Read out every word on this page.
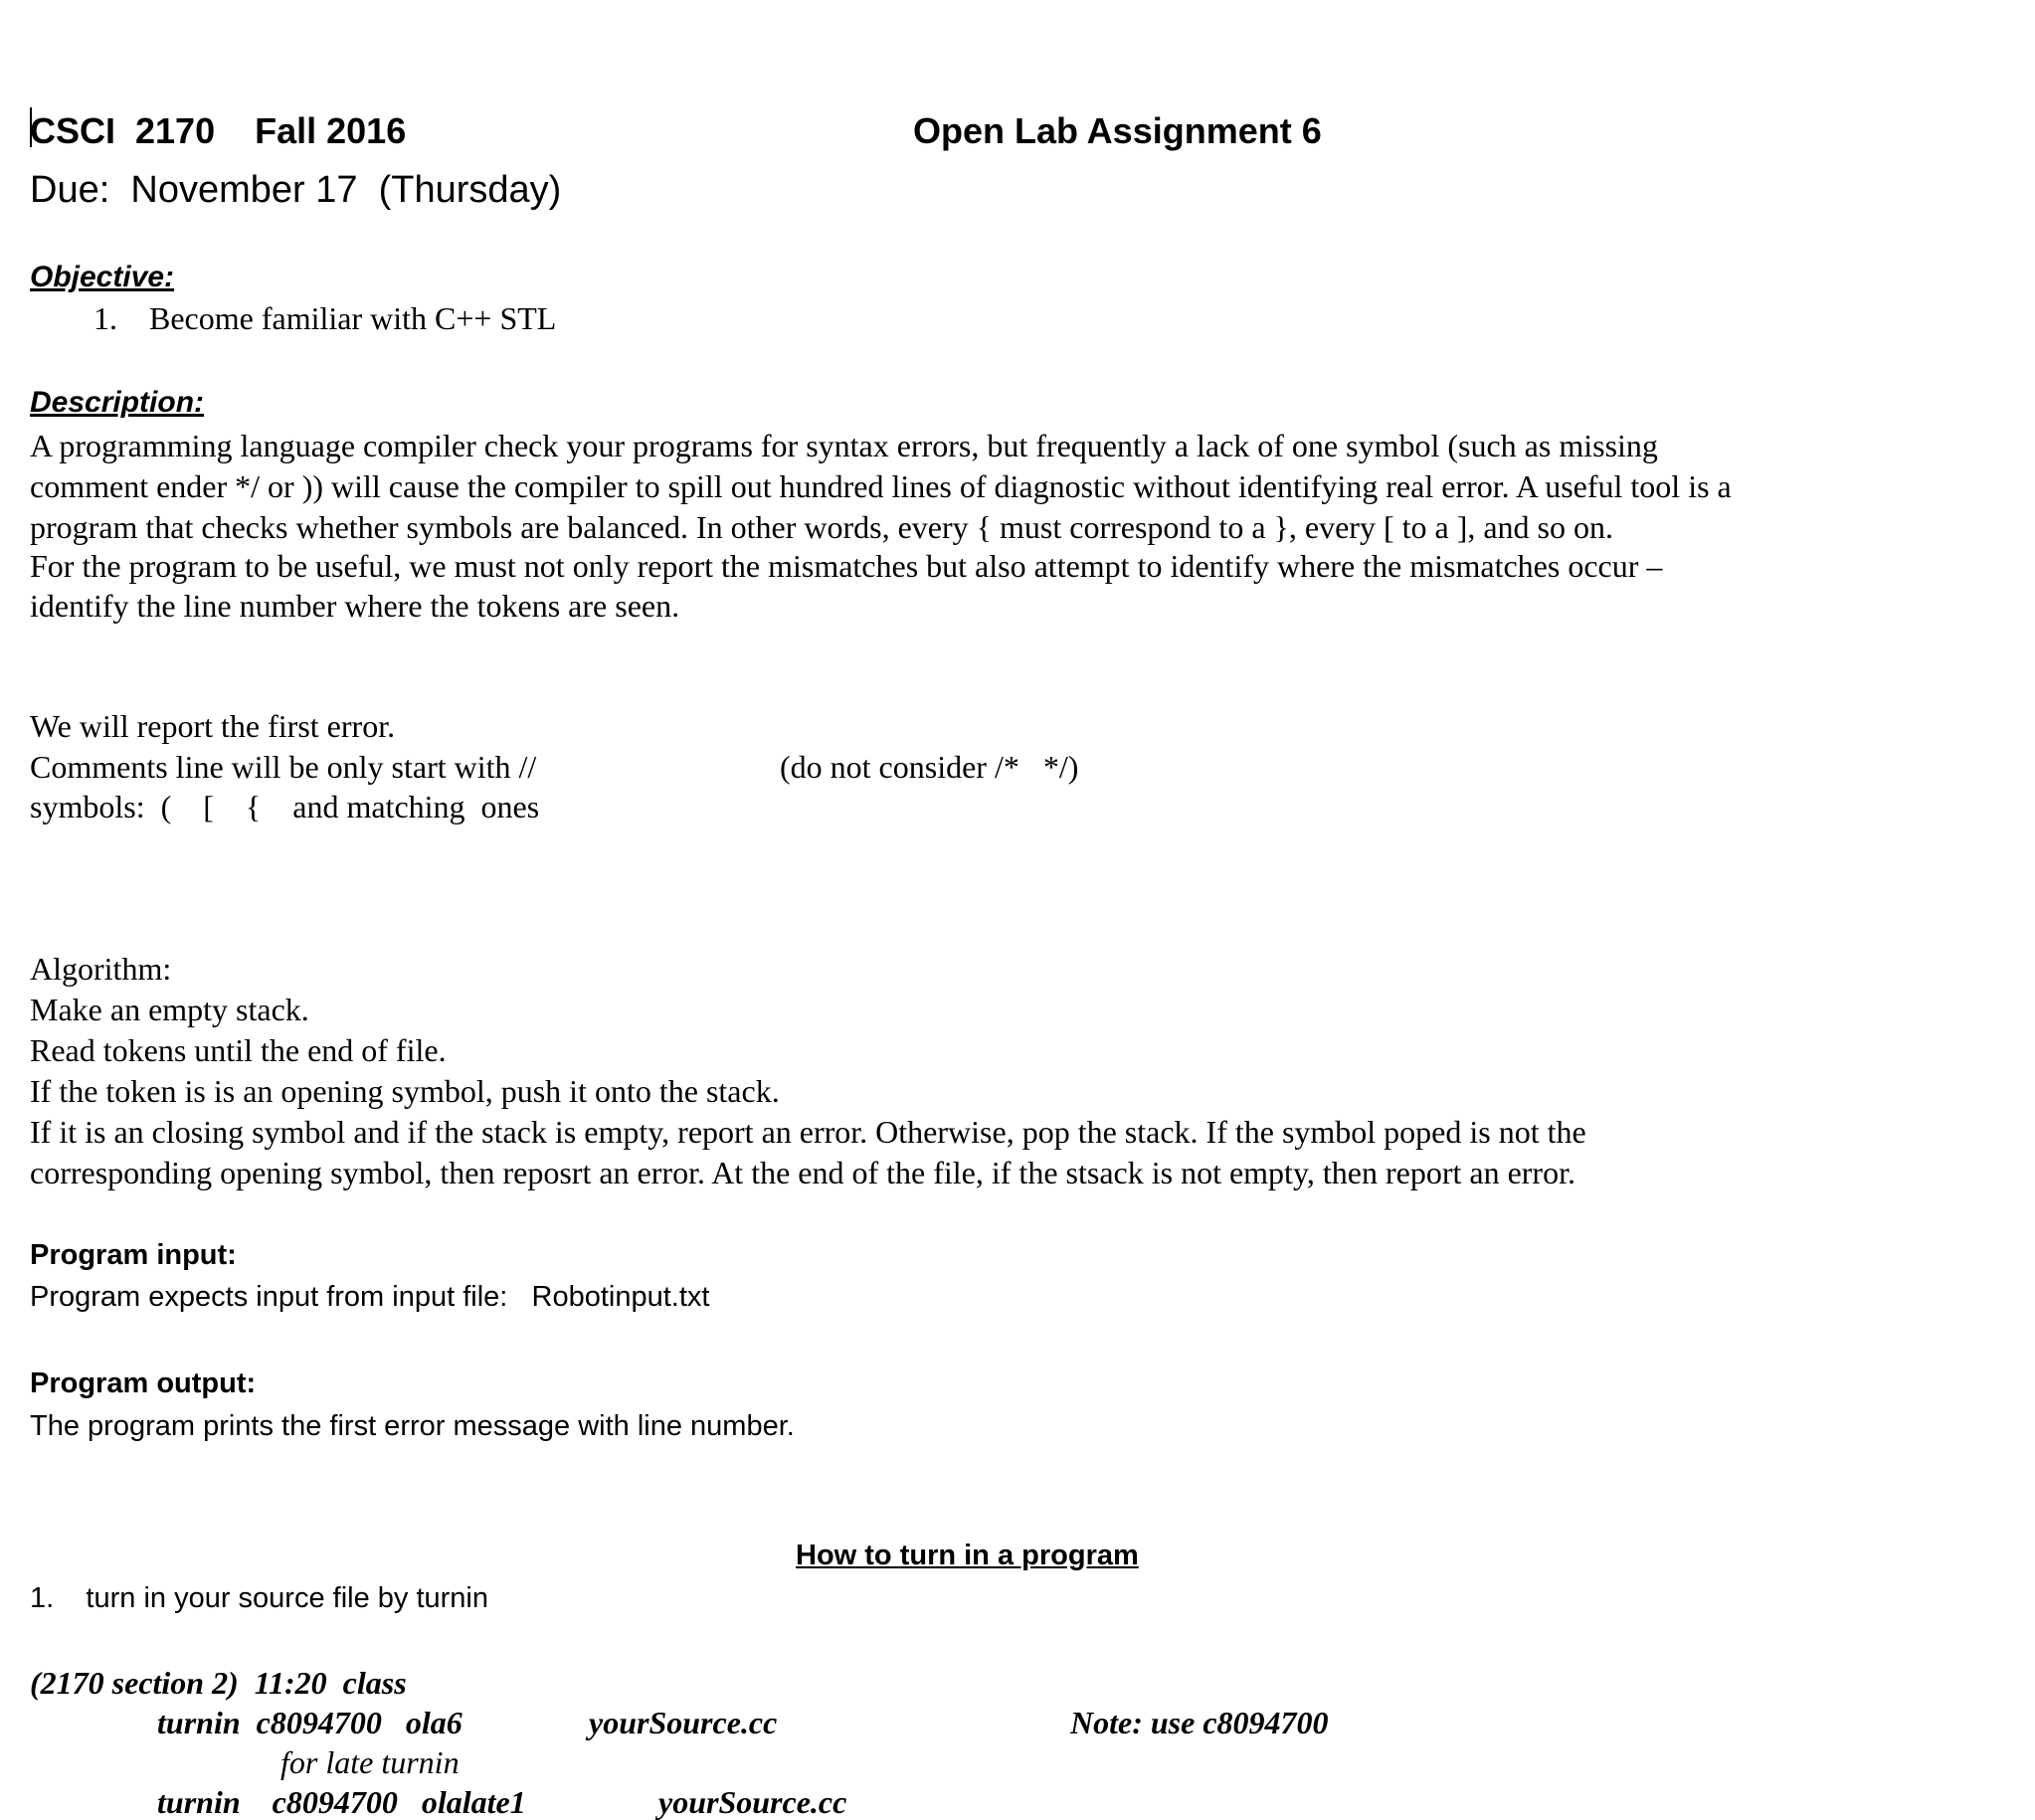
CSCI  2170    Fall 2016	Open Lab Assignment 6
Due:  November 17  (Thursday)
Objective:
1.    Become familiar with C++ STL
Description:
A programming language compiler check your programs for syntax errors, but frequently a lack of one symbol (such as missing
comment ender */ or )) will cause the compiler to spill out hundred lines of diagnostic without identifying real error. A useful tool is a
program that checks whether symbols are balanced. In other words, every { must correspond to a }, every [ to a ], and so on.
For the program to be useful, we must not only report the mismatches but also attempt to identify where the mismatches occur –
identify the line number where the tokens are seen.
We will report the first error.
Comments line will be only start with //	(do not consider /*   */)
symbols:  (    [    {    and matching  ones
Algorithm:
Make an empty stack.
Read tokens until the end of file.
If the token is is an opening symbol, push it onto the stack.
If it is an closing symbol and if the stack is empty, report an error. Otherwise, pop the stack. If the symbol poped is not the
corresponding opening symbol, then reposrt an error. At the end of the file, if the stsack is not empty, then report an error.
Program input:
Program expects input from input file:   Robotinput.txt
Program output:
The program prints the first error message with line number.
How to turn in a program
1.    turn in your source file by turnin
(2170 section 2)  11:20  class
turnin  c8094700   ola6	yourSource.cc	Note: use c8094700
for late turnin
turnin    c8094700   olalate1	yourSource.cc
